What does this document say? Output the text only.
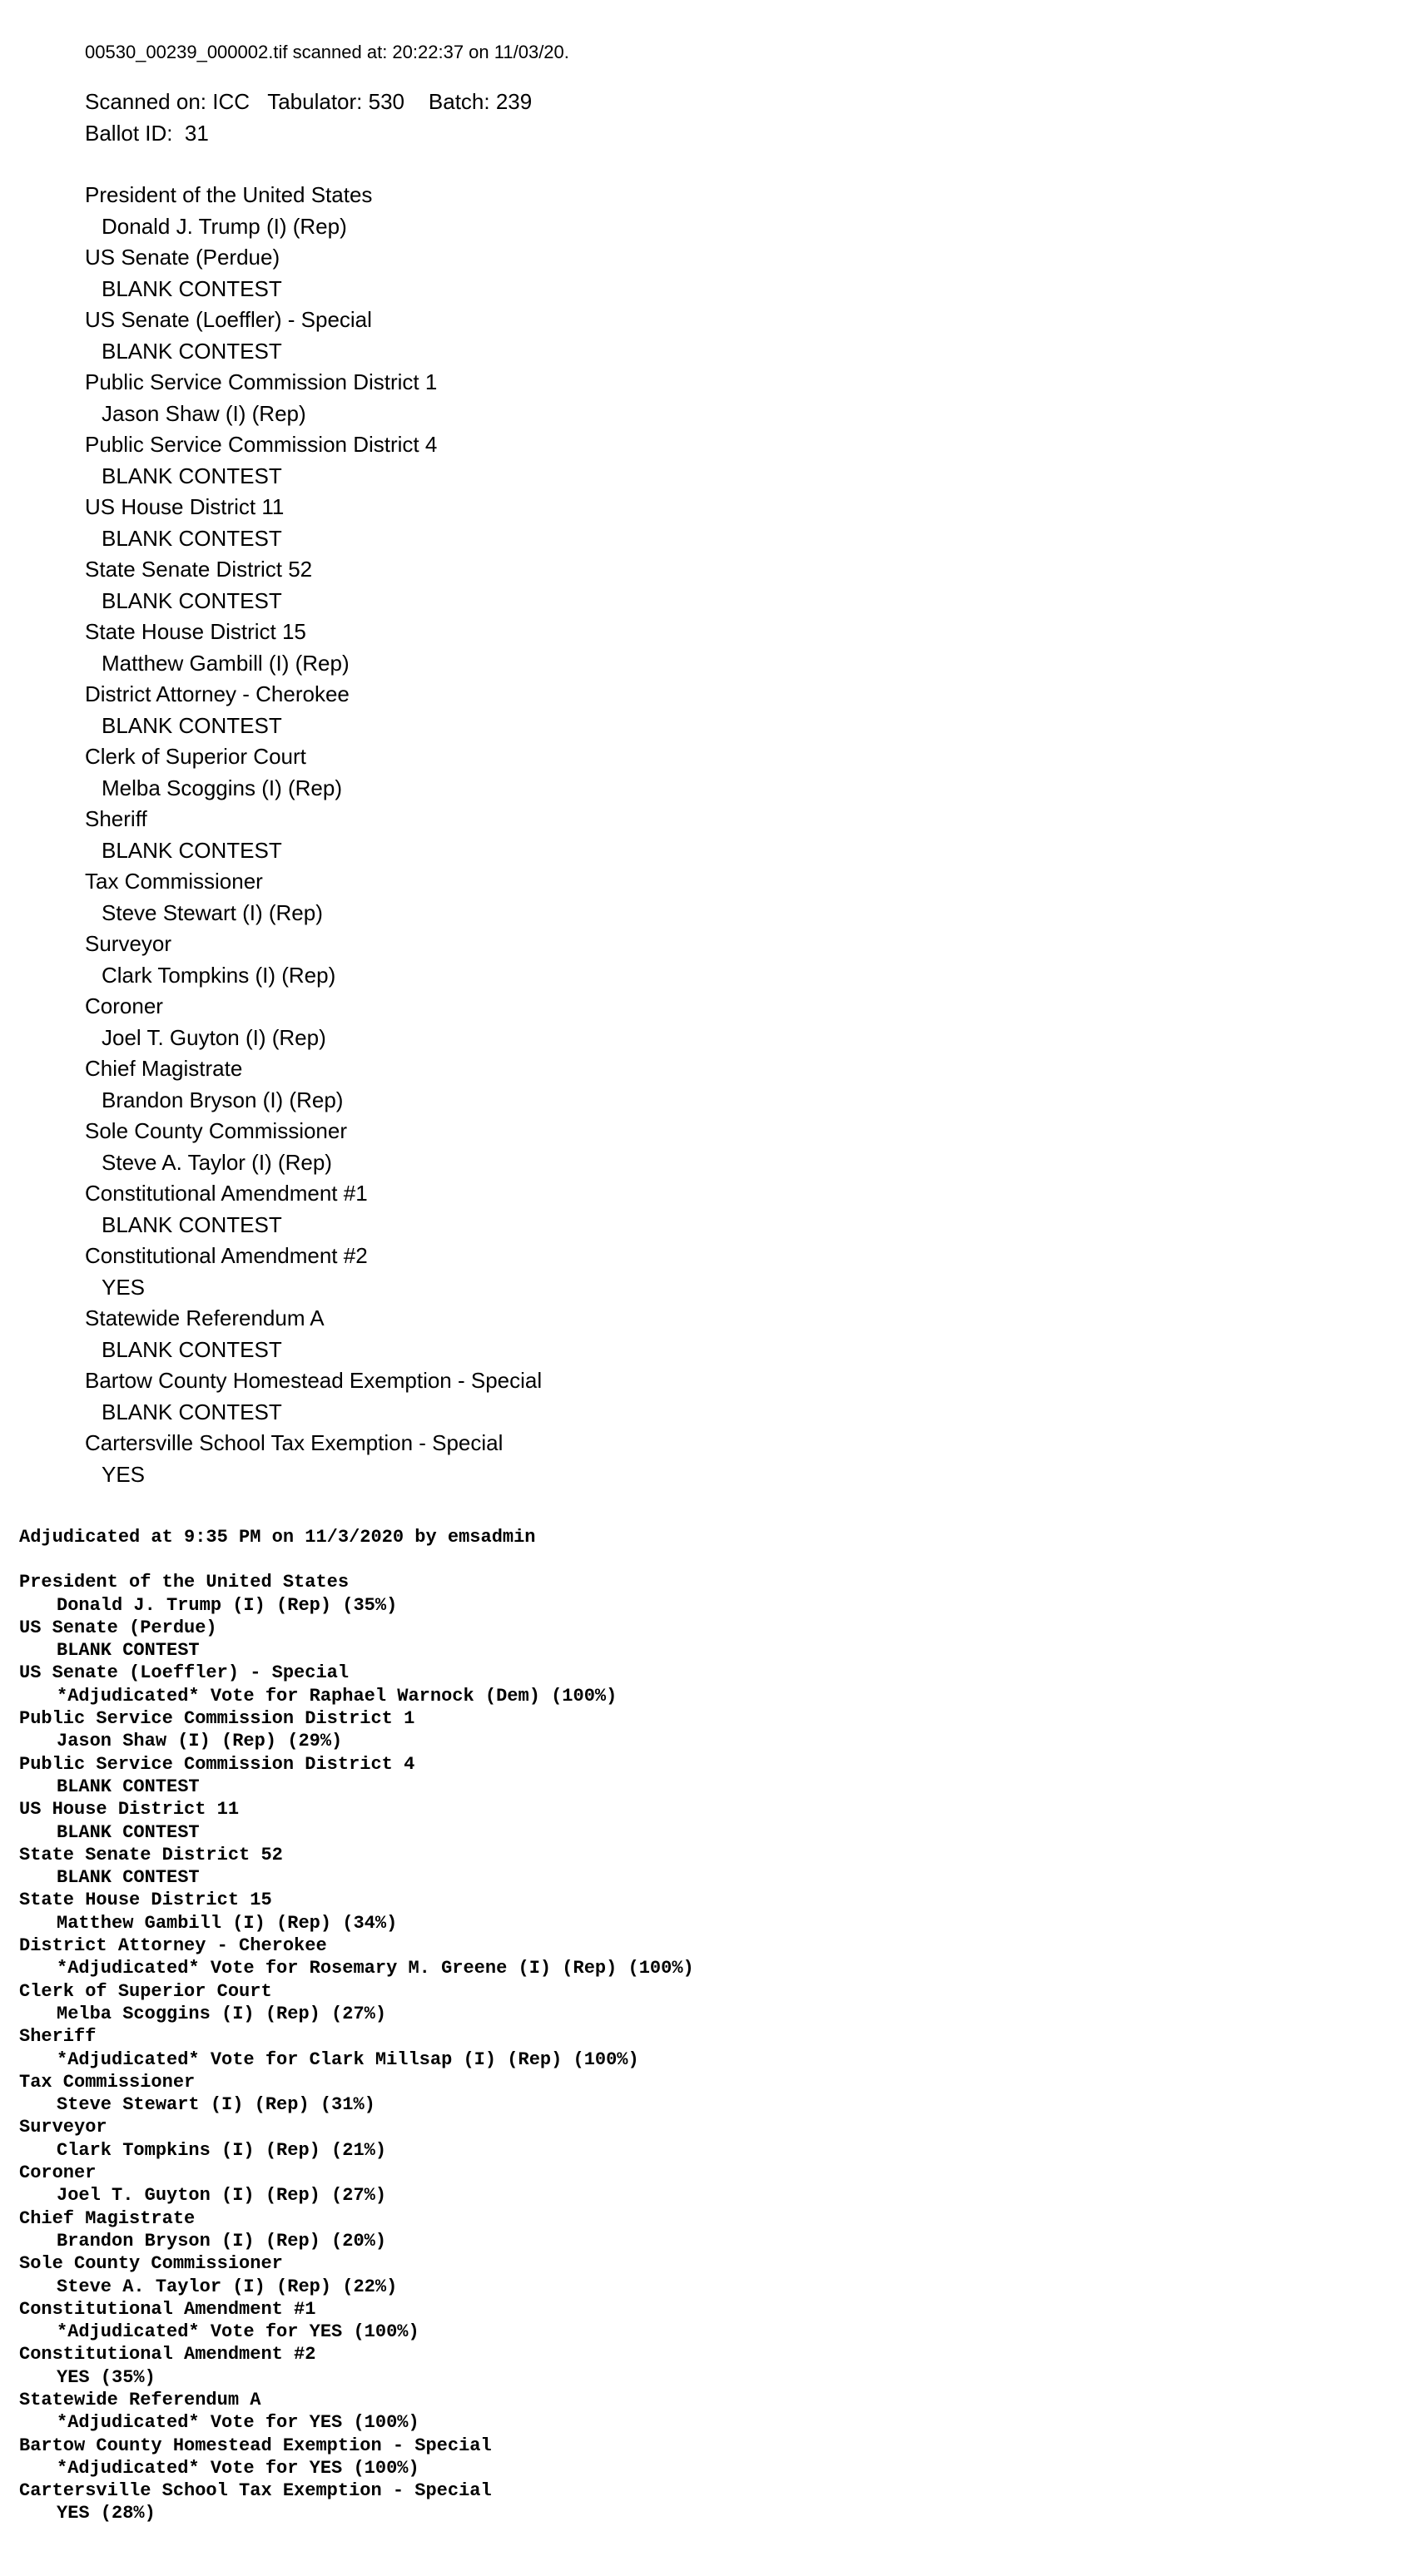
00530_00239_000002.tif scanned at: 20:22:37 on 11/03/20.
Scanned on: ICC   Tabulator: 530    Batch: 239
Ballot ID:  31
President of the United States
Donald J. Trump (I) (Rep)
US Senate (Perdue)
BLANK CONTEST
US Senate (Loeffler) - Special
BLANK CONTEST
Public Service Commission District 1
Jason Shaw (I) (Rep)
Public Service Commission District 4
BLANK CONTEST
US House District 11
BLANK CONTEST
State Senate District 52
BLANK CONTEST
State House District 15
Matthew Gambill (I) (Rep)
District Attorney - Cherokee
BLANK CONTEST
Clerk of Superior Court
Melba Scoggins (I) (Rep)
Sheriff
BLANK CONTEST
Tax Commissioner
Steve Stewart (I) (Rep)
Surveyor
Clark Tompkins (I) (Rep)
Coroner
Joel T. Guyton (I) (Rep)
Chief Magistrate
Brandon Bryson (I) (Rep)
Sole County Commissioner
Steve A. Taylor (I) (Rep)
Constitutional Amendment #1
BLANK CONTEST
Constitutional Amendment #2
YES
Statewide Referendum A
BLANK CONTEST
Bartow County Homestead Exemption - Special
BLANK CONTEST
Cartersville School Tax Exemption - Special
YES
Adjudicated at 9:35 PM on 11/3/2020 by emsadmin
President of the United States
Donald J. Trump (I) (Rep) (35%)
US Senate (Perdue)
BLANK CONTEST
US Senate (Loeffler) - Special
*Adjudicated* Vote for Raphael Warnock (Dem) (100%)
Public Service Commission District 1
Jason Shaw (I) (Rep) (29%)
Public Service Commission District 4
BLANK CONTEST
US House District 11
BLANK CONTEST
State Senate District 52
BLANK CONTEST
State House District 15
Matthew Gambill (I) (Rep) (34%)
District Attorney - Cherokee
*Adjudicated* Vote for Rosemary M. Greene (I) (Rep) (100%)
Clerk of Superior Court
Melba Scoggins (I) (Rep) (27%)
Sheriff
*Adjudicated* Vote for Clark Millsap (I) (Rep) (100%)
Tax Commissioner
Steve Stewart (I) (Rep) (31%)
Surveyor
Clark Tompkins (I) (Rep) (21%)
Coroner
Joel T. Guyton (I) (Rep) (27%)
Chief Magistrate
Brandon Bryson (I) (Rep) (20%)
Sole County Commissioner
Steve A. Taylor (I) (Rep) (22%)
Constitutional Amendment #1
*Adjudicated* Vote for YES (100%)
Constitutional Amendment #2
YES (35%)
Statewide Referendum A
*Adjudicated* Vote for YES (100%)
Bartow County Homestead Exemption - Special
*Adjudicated* Vote for YES (100%)
Cartersville School Tax Exemption - Special
YES (28%)
